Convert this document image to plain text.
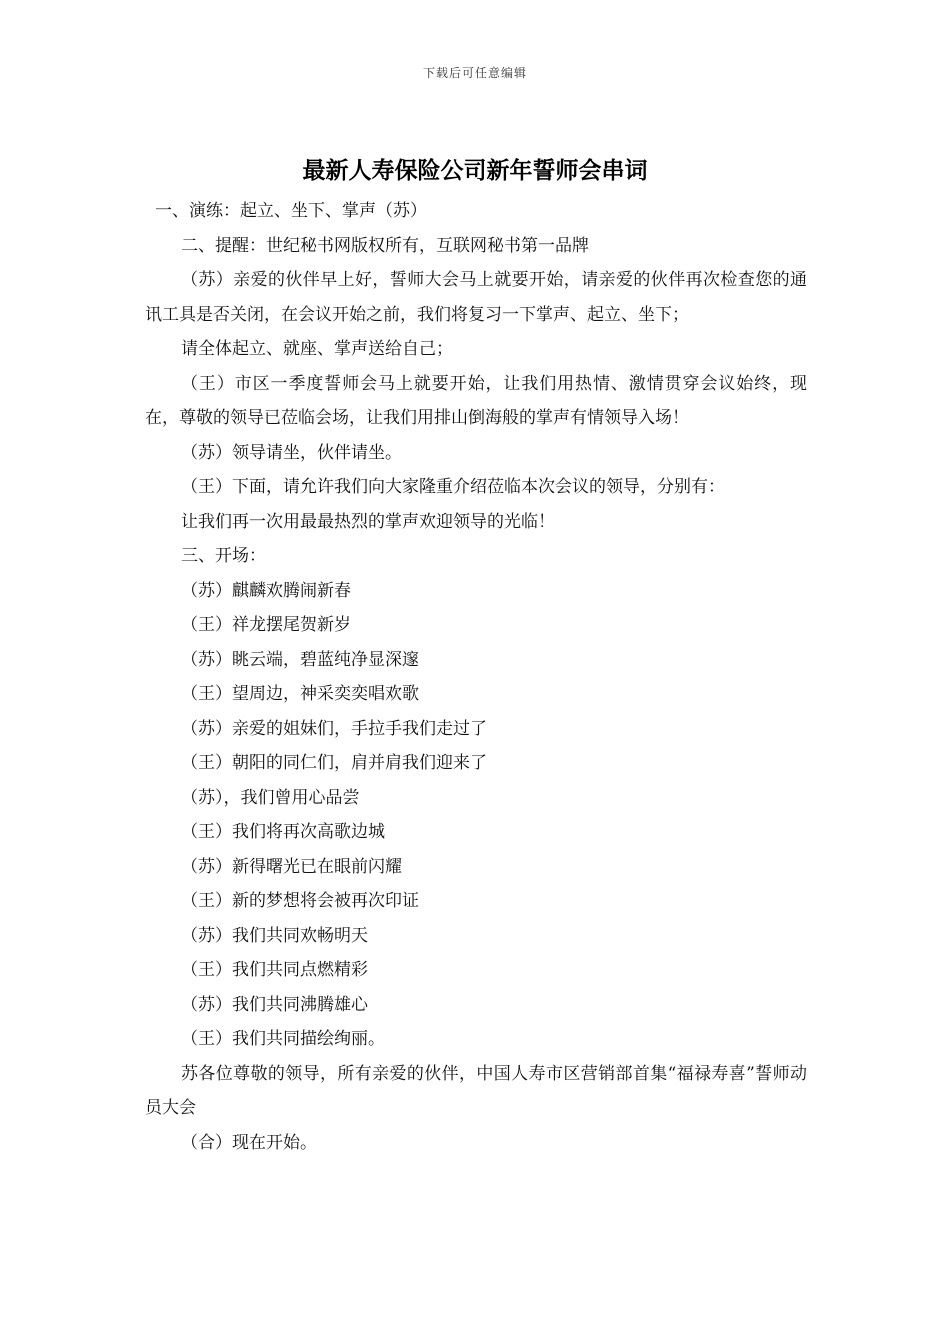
下载后可任意编辑
最新人寿保险公司新年誓师会串词

一、演练：起立、坐下、掌声（苏）

二、提醒：世纪秘书网版权所有，互联网秘书第一品牌

（苏）亲爱的伙伴早上好，誓师大会马上就要开始，请亲爱的伙伴再次检查您的通讯工具是否关闭，在会议开始之前，我们将复习一下掌声、起立、坐下；

请全体起立、就座、掌声送给自己；

（王）市区一季度誓师会马上就要开始，让我们用热情、激情贯穿会议始终，现在，尊敬的领导已莅临会场，让我们用排山倒海般的掌声有情领导入场！

（苏）领导请坐，伙伴请坐。

（王）下面，请允许我们向大家隆重介绍莅临本次会议的领导，分别有：

让我们再一次用最最热烈的掌声欢迎领导的光临！

三、开场：

（苏）麒麟欢腾闹新春

（王）祥龙摆尾贺新岁

（苏）眺云端，碧蓝纯净显深邃

（王）望周边，神采奕奕唱欢歌

（苏）亲爱的姐妹们，手拉手我们走过了

（王）朝阳的同仁们，肩并肩我们迎来了

（苏），我们曾用心品尝

（王）我们将再次高歌边城

（苏）新得曙光已在眼前闪耀

（王）新的梦想将会被再次印证

（苏）我们共同欢畅明天

（王）我们共同点燃精彩

（苏）我们共同沸腾雄心

（王）我们共同描绘绚丽。

苏各位尊敬的领导，所有亲爱的伙伴，中国人寿市区营销部首集“福禄寿喜”誓师动员大会

（合）现在开始。
